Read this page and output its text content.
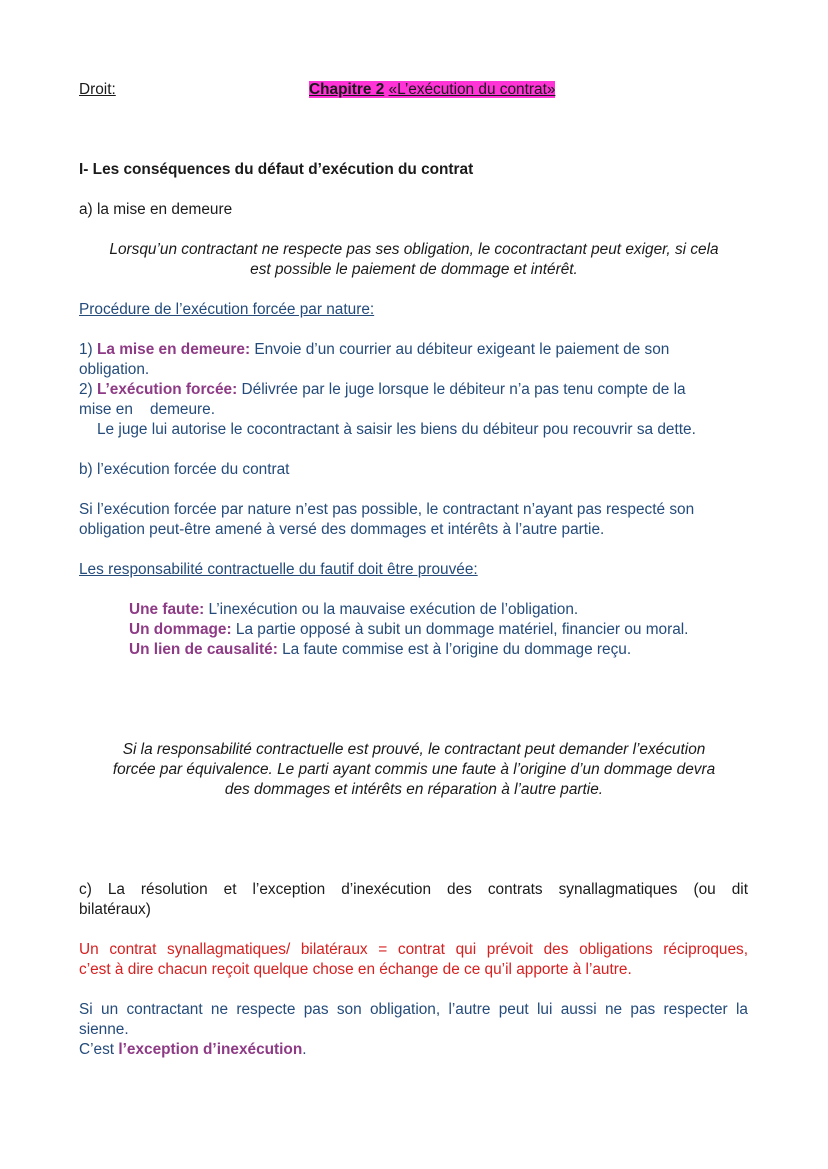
Droit:	Chapitre 2 «L’exécution du contrat»
I- Les conséquences du défaut d’exécution du contrat
a) la mise en demeure
Lorsqu’un contractant ne respecte pas ses obligation, le cocontractant peut exiger, si cela
est possible le paiement de dommage et intérêt.
Procédure de l’exécution forcée par nature:
1) La mise en demeure: Envoie d’un courrier au débiteur exigeant le paiement de son
obligation.
2) L’exécution forcée: Délivrée par le juge lorsque le débiteur n’a pas tenu compte de la
mise en    demeure.
Le juge lui autorise le cocontractant à saisir les biens du débiteur pou recouvrir sa dette.
b) l’exécution forcée du contrat
Si l’exécution forcée par nature n’est pas possible, le contractant n’ayant pas respecté son
obligation peut-être amené à versé des dommages et intérêts à l’autre partie.
Les responsabilité contractuelle du fautif doit être prouvée:
Une faute: L’inexécution ou la mauvaise exécution de l’obligation.
Un dommage: La partie opposé à subit un dommage matériel, financier ou moral.
Un lien de causalité: La faute commise est à l’origine du dommage reçu.
Si la responsabilité contractuelle est prouvé, le contractant peut demander l’exécution
forcée par équivalence. Le parti ayant commis une faute à l’origine d’un dommage devra
des dommages et intérêts en réparation à l’autre partie.
c) La résolution et l’exception d’inexécution des contrats synallagmatiques (ou dit
bilatéraux)
Un contrat synallagmatiques/ bilatéraux = contrat qui prévoit des obligations réciproques,
c’est à dire chacun reçoit quelque chose en échange de ce qu’il apporte à l’autre.
Si un contractant ne respecte pas son obligation, l’autre peut lui aussi ne pas respecter la
sienne.
C’est l’exception d’inexécution.
